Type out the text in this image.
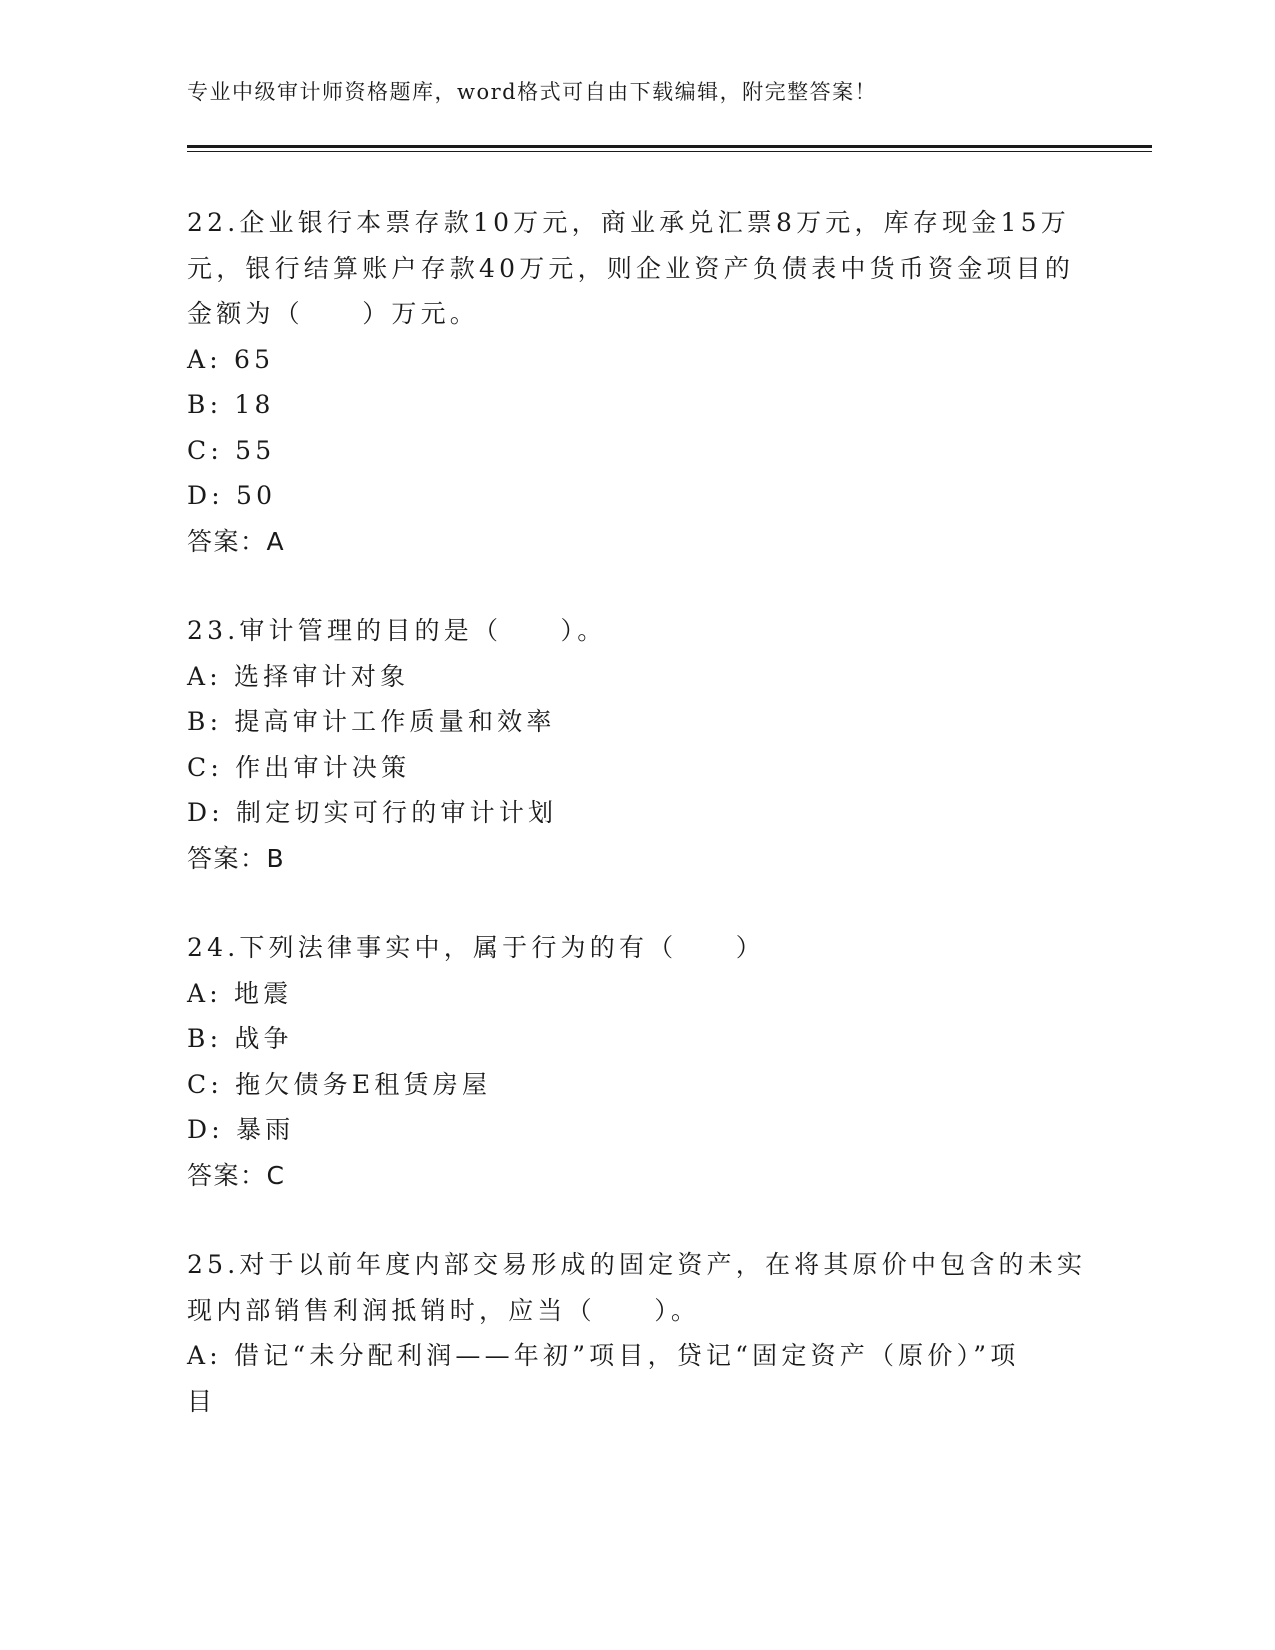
专业中级审计师资格题库，word格式可自由下载编辑，附完整答案！
22.企业银行本票存款10万元，商业承兑汇票8万元，库存现金15万
元，银行结算账户存款40万元，则企业资产负债表中货币资金项目的
金额为（　　）万元。
A: 65
B: 18
C: 55
D: 50
答案：A
23.审计管理的目的是（　　）。
A: 选择审计对象
B: 提高审计工作质量和效率
C: 作出审计决策
D: 制定切实可行的审计计划
答案：B
24.下列法律事实中，属于行为的有（　　）
A: 地震
B: 战争
C: 拖欠债务E租赁房屋
D: 暴雨
答案：C
25.对于以前年度内部交易形成的固定资产，在将其原价中包含的未实
现内部销售利润抵销时，应当（　　）。
A: 借记“未分配利润——年初”项目，贷记“固定资产（原价）”项
目
